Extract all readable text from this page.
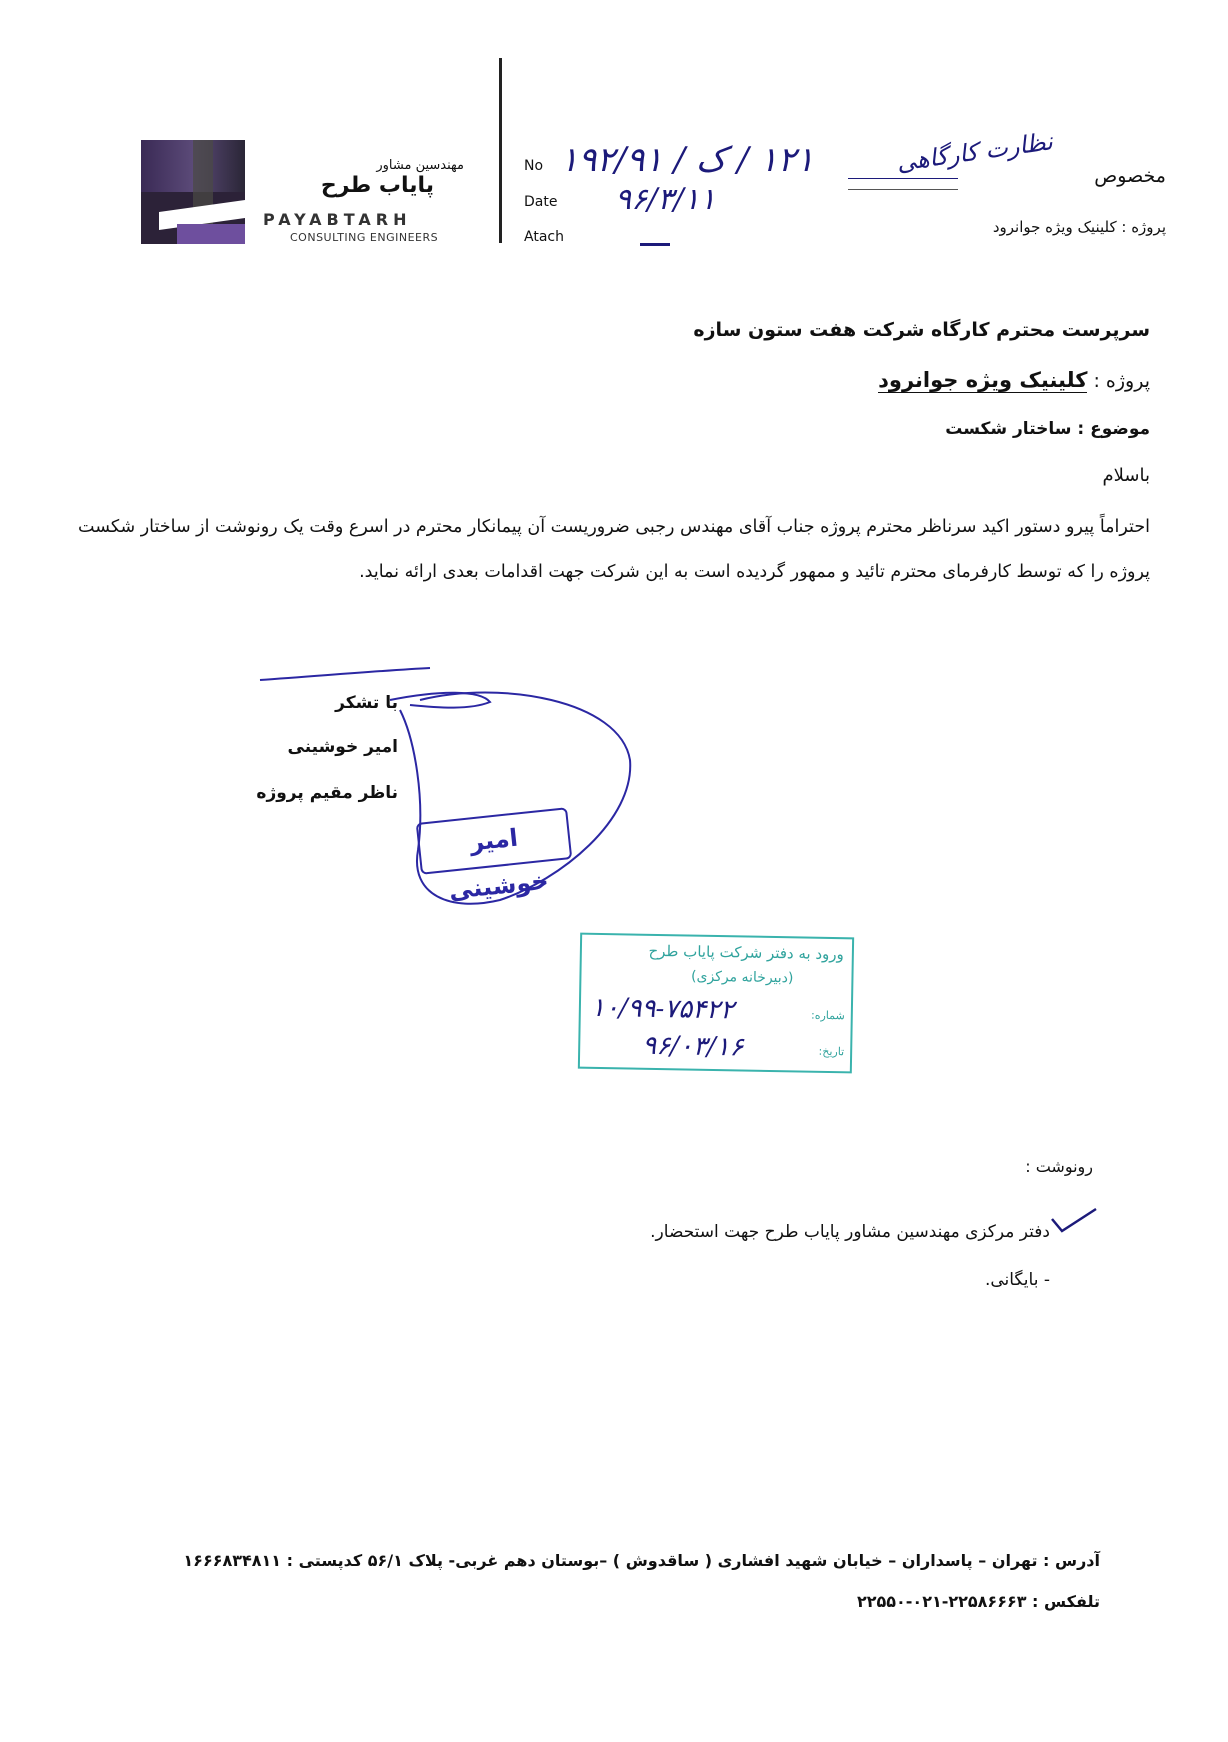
مهندسین مشاور
پایاب طرح
PAYABTARH
CONSULTING ENGINEERS
No ۱۲۱ / ک / ۱۹۲/۹۱
Date ۹۶/۳/۱۱
Atach
مخصوص
نظارت کارگاهی
پروژه : کلینیک ویژه جوانرود
سرپرست محترم کارگاه شرکت هفت ستون سازه
پروژه : کلینیک ویژه جوانرود
موضوع : ساختار شکست
باسلام
احتراماً پیرو دستور اکید سرناظر محترم پروژه جناب آقای مهندس رجبی ضروریست آن پیمانکار محترم در اسرع وقت یک رونوشت از ساختار شکست پروژه را که توسط کارفرمای محترم تائید و ممهور گردیده است به این شرکت جهت اقدامات بعدی ارائه نماید.
با تشکر
امیر خوشینی
ناظر مقیم پروژه
امیر خوشینی
ورود به دفتر شرکت پایاب طرح
(دبیرخانه مرکزی)
شماره:
۱۰/۹۹-۷۵۴۲۲
تاریخ:
۹۶/۰۳/۱۶
رونوشت :
دفتر مرکزی مهندسین مشاور پایاب طرح جهت استحضار.
- بایگانی.
آدرس : تهران – پاسداران – خیابان شهید افشاری ( ساقدوش ) –بوستان دهم غربی- پلاک ۵۶/۱ کدپستی : ۱۶۶۶۸۳۴۸۱۱
تلفکس : ۲۲۵۸۶۶۶۳-۰۲۱-۲۲۵۵۰
